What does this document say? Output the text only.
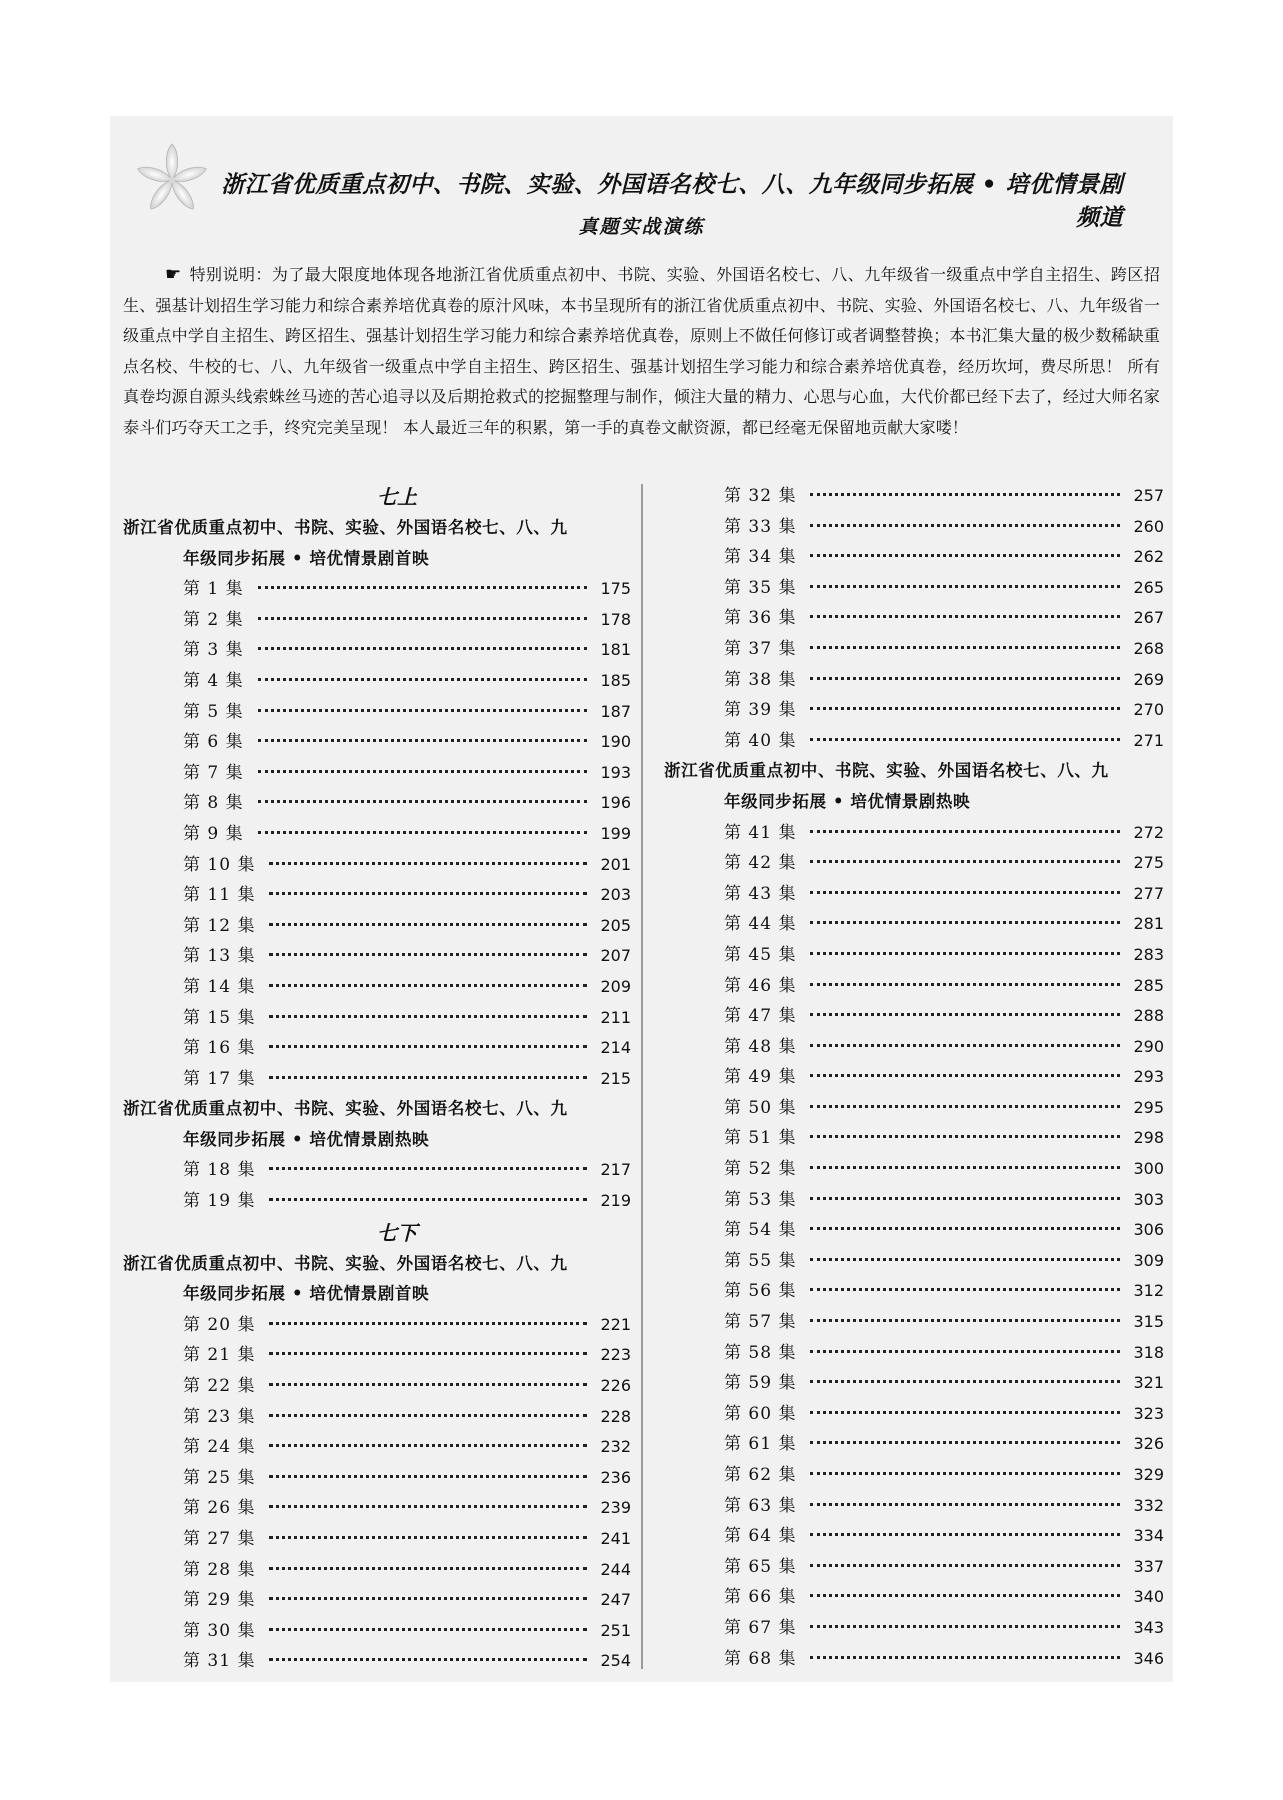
浙江省优质重点初中、书院、实验、外国语名校七、八、九年级同步拓展 • 培优情景剧频道
真题实战演练
☛ 特别说明：为了最大限度地体现各地浙江省优质重点初中、书院、实验、外国语名校七、八、九年级省一级重点中学自主招生、跨区招生、强基计划招生学习能力和综合素养培优真卷的原汁风味，本书呈现所有的浙江省优质重点初中、书院、实验、外国语名校七、八、九年级省一级重点中学自主招生、跨区招生、强基计划招生学习能力和综合素养培优真卷，原则上不做任何修订或者调整替换；本书汇集大量的极少数稀缺重点名校、牛校的七、八、九年级省一级重点中学自主招生、跨区招生、强基计划招生学习能力和综合素养培优真卷，经历坎坷，费尽所思！ 所有真卷均源自源头线索蛛丝马迹的苦心追寻以及后期抢救式的挖掘整理与制作，倾注大量的精力、心思与心血，大代价都已经下去了，经过大师名家泰斗们巧夺天工之手，终究完美呈现！ 本人最近三年的积累，第一手的真卷文献资源，都已经毫无保留地贡献大家喽！
七上
浙江省优质重点初中、书院、实验、外国语名校七、八、九
年级同步拓展 • 培优情景剧首映
第 1 集	175
第 2 集	178
第 3 集	181
第 4 集	185
第 5 集	187
第 6 集	190
第 7 集	193
第 8 集	196
第 9 集	199
第 10 集	201
第 11 集	203
第 12 集	205
第 13 集	207
第 14 集	209
第 15 集	211
第 16 集	214
第 17 集	215
浙江省优质重点初中、书院、实验、外国语名校七、八、九
年级同步拓展 • 培优情景剧热映
第 18 集	217
第 19 集	219
七下
浙江省优质重点初中、书院、实验、外国语名校七、八、九
年级同步拓展 • 培优情景剧首映
第 20 集	221
第 21 集	223
第 22 集	226
第 23 集	228
第 24 集	232
第 25 集	236
第 26 集	239
第 27 集	241
第 28 集	244
第 29 集	247
第 30 集	251
第 31 集	254
第 32 集	257
第 33 集	260
第 34 集	262
第 35 集	265
第 36 集	267
第 37 集	268
第 38 集	269
第 39 集	270
第 40 集	271
浙江省优质重点初中、书院、实验、外国语名校七、八、九
年级同步拓展 • 培优情景剧热映
第 41 集	272
第 42 集	275
第 43 集	277
第 44 集	281
第 45 集	283
第 46 集	285
第 47 集	288
第 48 集	290
第 49 集	293
第 50 集	295
第 51 集	298
第 52 集	300
第 53 集	303
第 54 集	306
第 55 集	309
第 56 集	312
第 57 集	315
第 58 集	318
第 59 集	321
第 60 集	323
第 61 集	326
第 62 集	329
第 63 集	332
第 64 集	334
第 65 集	337
第 66 集	340
第 67 集	343
第 68 集	346
